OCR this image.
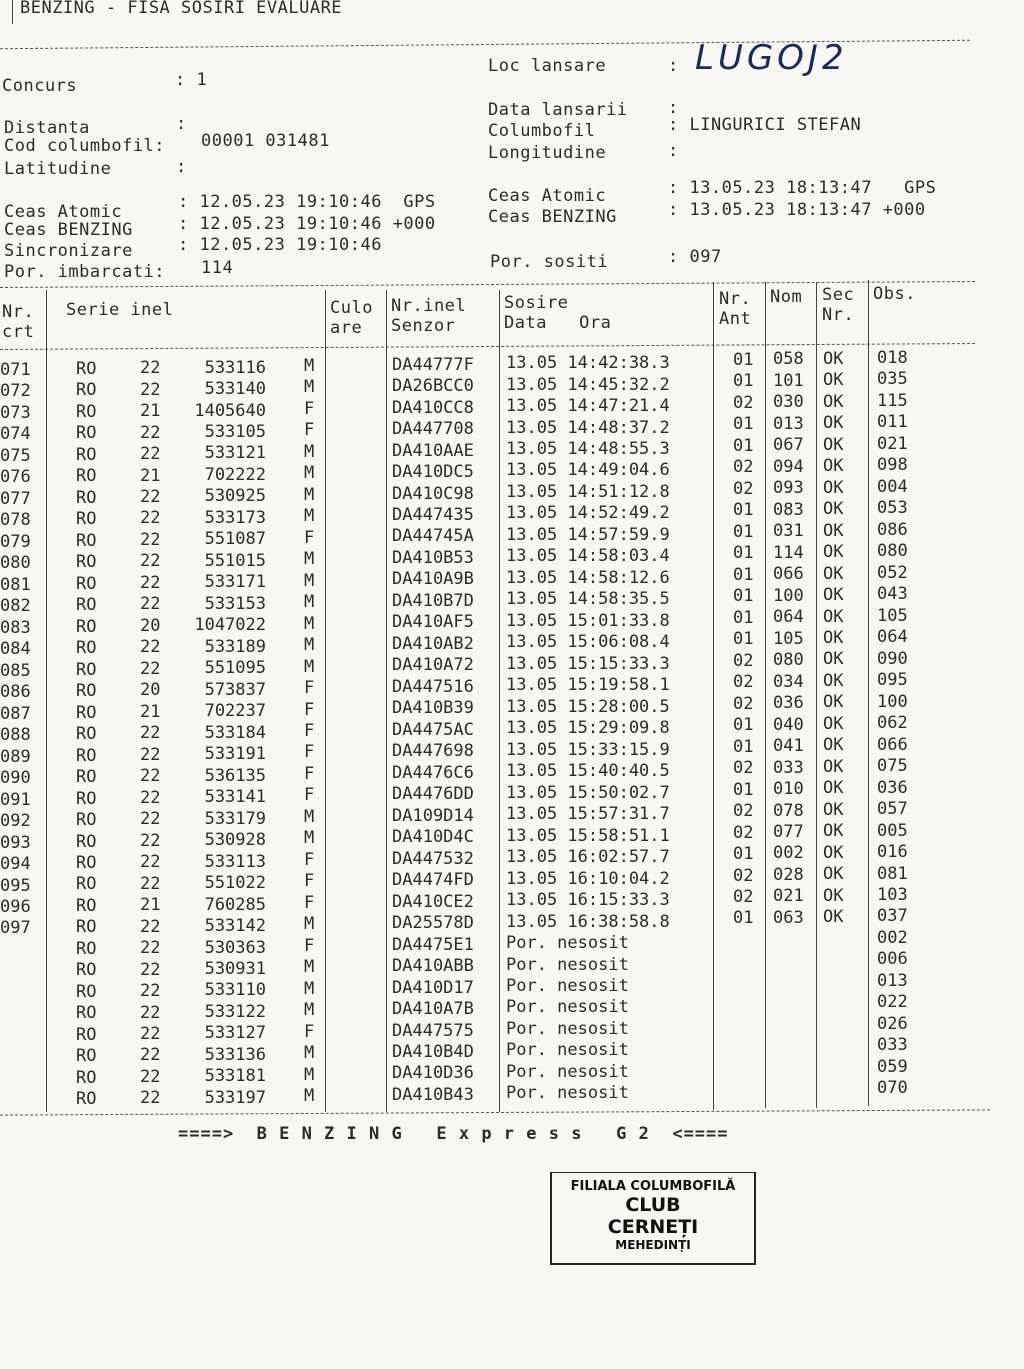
BENZING - FISA SOSIRI EVALUARE
Concurs	: 1
Loc lansare	: LUGOJ2
Distanta	:
Data lansarii :
Cod columbofil: 00001 031481	Columbofil	: LINGURICI STEFAN
Latitudine	:
Longitudine	:
Ceas Atomic	: 12.05.23 19:10:46  GPS	Ceas Atomic	: 13.05.23 18:13:47   GPS
Ceas BENZING	: 12.05.23 19:10:46 +000	Ceas BENZING	: 13.05.23 18:13:47 +000
Sincronizare	: 12.05.23 19:10:46
Por. imbarcati: 114	Por. sositi	: 097
Nr.
crt
Serie inel	Culo
are
Nr.inel
Senzor
Sosire
Data   Ora
Nr.
Ant
Nom Sec
Nr.
Obs.
071	RO	22	533116 M	DA44777F 13.05 14:42:38.3	01 058 OK 018
072	RO	22	533140 M	DA26BCC0 13.05 14:45:32.2	01 101 OK 035
073	RO	21	1405640 F	DA410CC8 13.05 14:47:21.4	02 030 OK 115
074	RO	22	533105 F	DA447708 13.05 14:48:37.2	01 013 OK 011
075	RO	22	533121 M	DA410AAE 13.05 14:48:55.3	01 067 OK 021
076	RO	21	702222 M	DA410DC5 13.05 14:49:04.6	02 094 OK 098
077	RO	22	530925 M	DA410C98 13.05 14:51:12.8	02 093 OK 004
078	RO	22	533173 M	DA447435 13.05 14:52:49.2	01 083 OK 053
079	RO	22	551087 F	DA44745A 13.05 14:57:59.9	01 031 OK 086
080	RO	22	551015 M	DA410B53 13.05 14:58:03.4	01 114 OK 080
081	RO	22	533171 M	DA410A9B 13.05 14:58:12.6	01 066 OK 052
082	RO	22	533153 M	DA410B7D 13.05 14:58:35.5	01 100 OK 043
083	RO	20	1047022 M	DA410AF5 13.05 15:01:33.8	01 064 OK 105
084	RO	22	533189 M	DA410AB2 13.05 15:06:08.4	01 105 OK 064
085	RO	22	551095 M	DA410A72 13.05 15:15:33.3	02 080 OK 090
086	RO	20	573837 F	DA447516 13.05 15:19:58.1	02 034 OK 095
087	RO	21	702237 F	DA410B39 13.05 15:28:00.5	02 036 OK 100
088	RO	22	533184 F	DA4475AC 13.05 15:29:09.8	01 040 OK 062
089	RO	22	533191 F	DA447698 13.05 15:33:15.9	01 041 OK 066
090	RO	22	536135 F	DA4476C6 13.05 15:40:40.5	02 033 OK 075
091	RO	22	533141 F	DA4476DD 13.05 15:50:02.7	01 010 OK 036
092	RO	22	533179 M	DA109D14 13.05 15:57:31.7	02 078 OK 057
093	RO	22	530928 M	DA410D4C 13.05 15:58:51.1	02 077 OK 005
094	RO	22	533113 F	DA447532 13.05 16:02:57.7	01 002 OK 016
095	RO	22	551022 F	DA4474FD 13.05 16:10:04.2	02 028 OK 081
096	RO	21	760285 F	DA410CE2 13.05 16:15:33.3	02 021 OK 103
097	RO	22	533142 M	DA25578D 13.05 16:38:58.8	01 063 OK 037
RO	22	530363 F	DA4475E1 Por. nesosit	002
RO	22	530931 M	DA410ABB Por. nesosit	006
RO	22	533110 M	DA410D17 Por. nesosit	013
RO	22	533122 M	DA410A7B Por. nesosit	022
RO	22	533127 F	DA447575 Por. nesosit	026
RO	22	533136 M	DA410B4D Por. nesosit	033
RO	22	533181 M	DA410D36 Por. nesosit	059
RO	22	533197 M	DA410B43 Por. nesosit	070
====>  B E N Z I N G   E x p r e s s   G 2  <====
FILIALA COLUMBOFILĂ
CLUB
CERNEȚI
MEHEDINȚI
